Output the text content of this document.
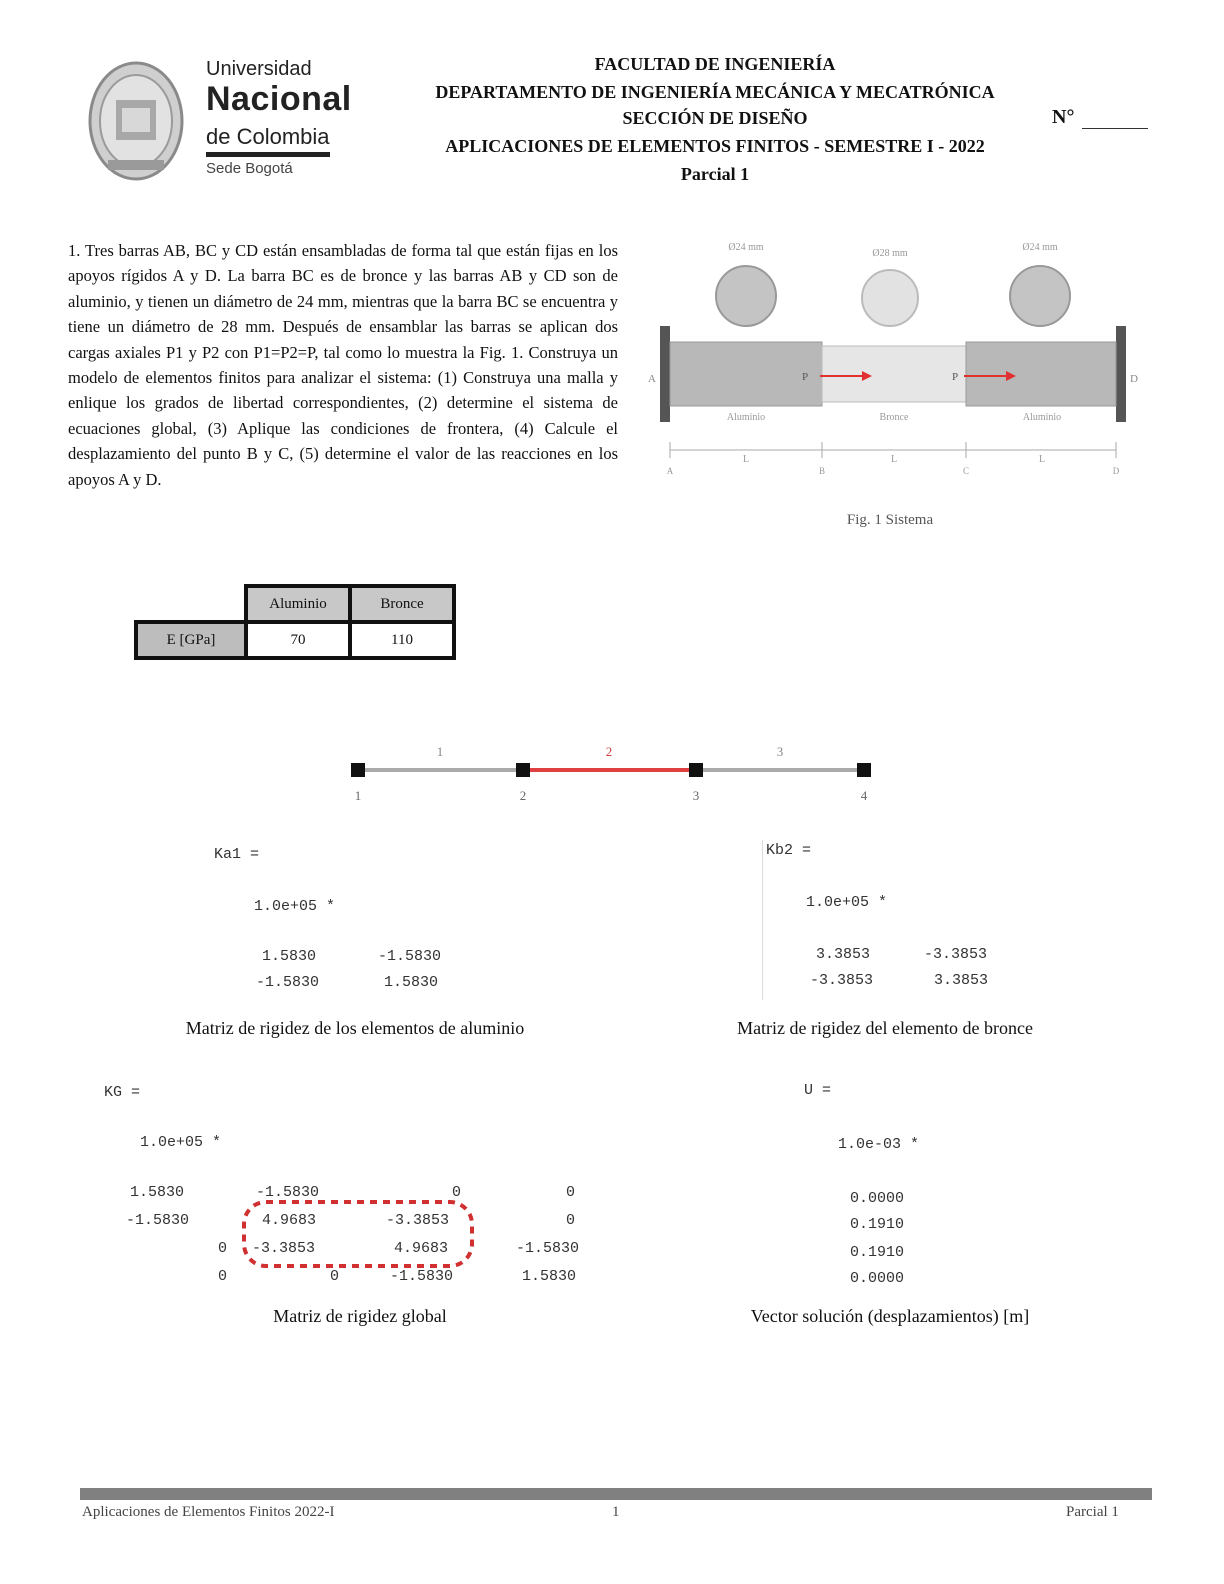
Universidad
Nacional
de Colombia
Sede Bogotá
FACULTAD DE INGENIERÍA
DEPARTAMENTO DE INGENIERÍA MECÁNICA Y MECATRÓNICA
SECCIÓN DE DISEÑO
APLICACIONES DE ELEMENTOS FINITOS - SEMESTRE I - 2022
Parcial 1
N°
1. Tres barras AB, BC y CD están ensambladas de forma tal que están fijas en los apoyos rígidos A y D. La barra BC es de bronce y las barras AB y CD son de aluminio, y tienen un diámetro de 24 mm, mientras que la barra BC se encuentra y tiene un diámetro de 28 mm. Después de ensamblar las barras se aplican dos cargas axiales P1 y P2 con P1=P2=P, tal como lo muestra la Fig. 1. Construya un modelo de elementos finitos para analizar el sistema: (1) Construya una malla y enlique los grados de libertad correspondientes, (2) determine el sistema de ecuaciones global, (3) Aplique las condiciones de frontera, (4) Calcule el desplazamiento del punto B y C, (5) determine el valor de las reacciones en los apoyos A y D.
Ø24 mm
Ø28 mm
Ø24 mm
A	D
P	P
Aluminio	Bronce	Aluminio
L	L	L
A	B	C	D
Fig. 1 Sistema
	Aluminio	Bronce
E [GPa]	70	110
1	2	3
1	2	3	4
Ka1 =
1.0e+05 *
1.5830	-1.5830
-1.5830	1.5830
Matriz de rigidez de los elementos de aluminio
Kb2 =
1.0e+05 *
3.3853	-3.3853
-3.3853	3.3853
Matriz de rigidez del elemento de bronce
KG =
1.0e+05 *
1.5830	-1.5830	0	0
-1.5830	4.9683	-3.3853	0
0 -3.3853	4.9683	-1.5830
0	0	-1.5830	1.5830
Matriz de rigidez global
U =
1.0e-03 *
0.0000
0.1910
0.1910
0.0000
Vector solución (desplazamientos) [m]
Aplicaciones de Elementos Finitos 2022-I	1	Parcial 1
